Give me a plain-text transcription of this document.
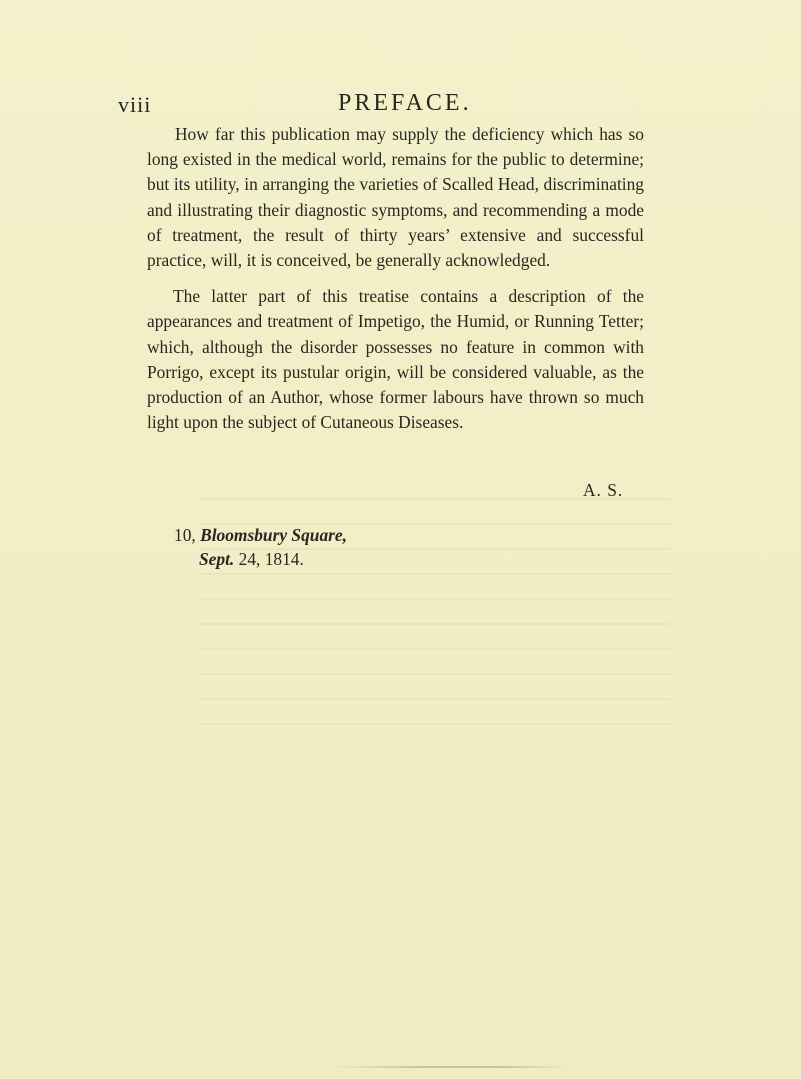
viii	PREFACE.

How far this publication may supply the deficiency which has so long existed in the medical world, remains for the public to determine; but its utility, in arranging the varieties of Scalled Head, discriminating and illustrating their diagnostic symptoms, and recommending a mode of treatment, the result of thirty years’ extensive and successful practice, will, it is conceived, be generally acknowledged.

The latter part of this treatise contains a description of the appearances and treatment of Impetigo, the Humid, or Running Tetter; which, although the disorder possesses no feature in common with Porrigo, except its pustular origin, will be considered valuable, as the production of an Author, whose former labours have thrown so much light upon the subject of Cutaneous Diseases.

A. S.
10, Bloomsbury Square,
Sept. 24, 1814.
